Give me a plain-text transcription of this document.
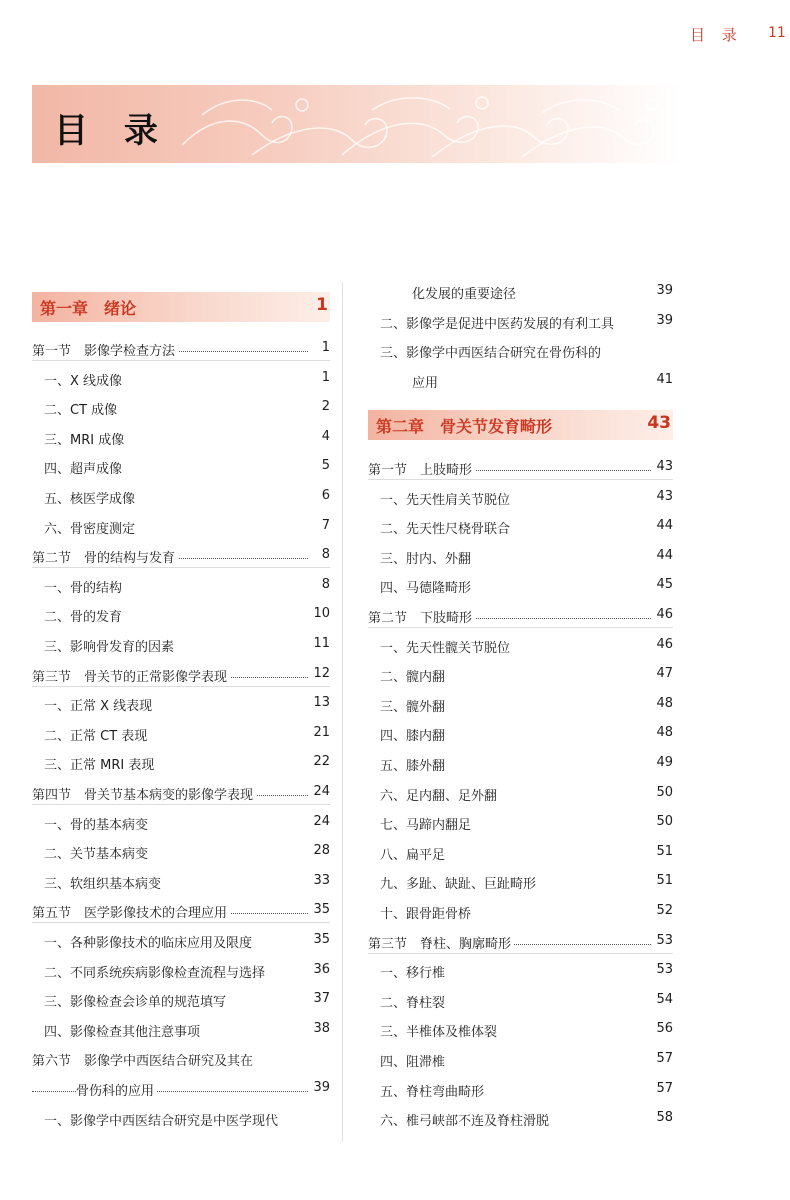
目 录 11
目 录
第一章　绪论	1
第一节　影像学检查方法	1
一、X 线成像	1
二、CT 成像	2
三、MRI 成像	4
四、超声成像	5
五、核医学成像	6
六、骨密度测定	7
第二节　骨的结构与发育	8
一、骨的结构	8
二、骨的发育	10
三、影响骨发育的因素	11
第三节　骨关节的正常影像学表现	12
一、正常 X 线表现	13
二、正常 CT 表现	21
三、正常 MRI 表现	22
第四节　骨关节基本病变的影像学表现	24
一、骨的基本病变	24
二、关节基本病变	28
三、软组织基本病变	33
第五节　医学影像技术的合理应用	35
一、各种影像技术的临床应用及限度	35
二、不同系统疾病影像检查流程与选择	36
三、影像检查会诊单的规范填写	37
四、影像检查其他注意事项	38
第六节　影像学中西医结合研究及其在
骨伤科的应用	39
一、影像学中西医结合研究是中医学现代
化发展的重要途径	39
二、影像学是促进中医药发展的有利工具	39
三、影像学中西医结合研究在骨伤科的
应用	41
第二章　骨关节发育畸形	43
第一节　上肢畸形	43
一、先天性肩关节脱位	43
二、先天性尺桡骨联合	44
三、肘内、外翻	44
四、马德隆畸形	45
第二节　下肢畸形	46
一、先天性髋关节脱位	46
二、髋内翻	47
三、髋外翻	48
四、膝内翻	48
五、膝外翻	49
六、足内翻、足外翻	50
七、马蹄内翻足	50
八、扁平足	51
九、多趾、缺趾、巨趾畸形	51
十、跟骨距骨桥	52
第三节　脊柱、胸廓畸形	53
一、移行椎	53
二、脊柱裂	54
三、半椎体及椎体裂	56
四、阻滞椎	57
五、脊柱弯曲畸形	57
六、椎弓峡部不连及脊柱滑脱	58
